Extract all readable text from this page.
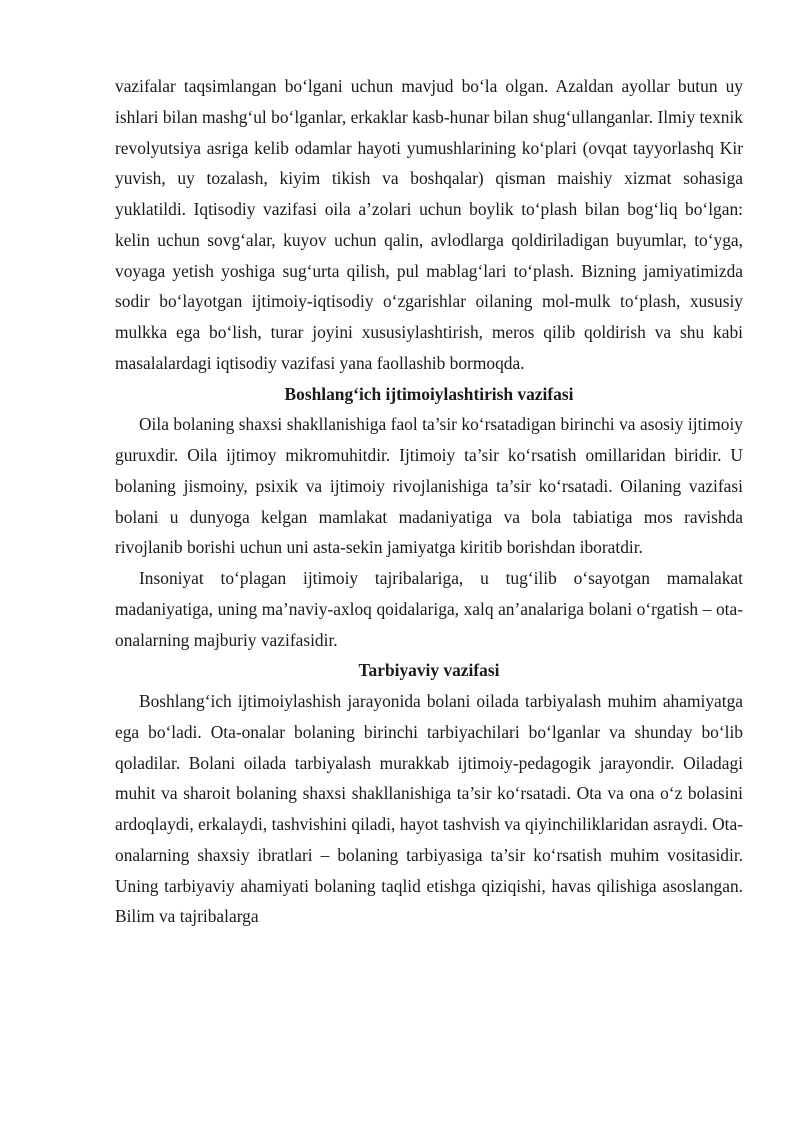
vazifalar taqsimlangan boʻlgani uchun mavjud boʻla olgan. Azaldan ayollar butun uy ishlari bilan mashgʻul boʻlganlar, erkaklar kasb-hunar bilan shugʻullanganlar. Ilmiy texnik revolyutsiya asriga kelib odamlar hayoti yumushlarining koʻplari (ovqat tayyorlashq Kir yuvish, uy tozalash, kiyim tikish va boshqalar) qisman maishiy xizmat sohasiga yuklatildi. Iqtisodiy vazifasi oila a’zolari uchun boylik toʻplash bilan bogʻliq boʻlgan: kelin uchun sovgʻalar, kuyov uchun qalin, avlodlarga qoldiriladigan buyumlar, toʻyga, voyaga yetish yoshiga sugʻurta qilish, pul mablagʻlari toʻplash. Bizning jamiyatimizda sodir boʻlayotgan ijtimoiy-iqtisodiy oʻzgarishlar oilaning mol-mulk toʻplash, xususiy mulkka ega boʻlish, turar joyini xususiylashtirish, meros qilib qoldirish va shu kabi masalalardagi iqtisodiy vazifasi yana faollashib bormoqda.

Boshlangʻich ijtimoiylashtirish vazifasi

Oila bolaning shaxsi shakllanishiga faol ta’sir koʻrsatadigan birinchi va asosiy ijtimoiy guruxdir. Oila ijtimoy mikromuhitdir. Ijtimoiy ta’sir koʻrsatish omillaridan biridir. U bolaning jismoiny, psixik va ijtimoiy rivojlanishiga ta’sir koʻrsatadi. Oilaning vazifasi bolani u dunyoga kelgan mamlakat madaniyatiga va bola tabiatiga mos ravishda rivojlanib borishi uchun uni asta-sekin jamiyatga kiritib borishdan iboratdir.

Insoniyat toʻplagan ijtimoiy tajribalariga, u tugʻilib oʻsayotgan mamalakat madaniyatiga, uning ma’naviy-axloq qoidalariga, xalq an’analariga bolani oʻrgatish – ota-onalarning majburiy vazifasidir.

Tarbiyaviy vazifasi

Boshlangʻich ijtimoiylashish jarayonida bolani oilada tarbiyalash muhim ahamiyatga ega boʻladi. Ota-onalar bolaning birinchi tarbiyachilari boʻlganlar va shunday boʻlib qoladilar. Bolani oilada tarbiyalash murakkab ijtimoiy-pedagogik jarayondir. Oiladagi muhit va sharoit bolaning shaxsi shakllanishiga ta’sir koʻrsatadi. Ota va ona oʻz bolasini ardoqlaydi, erkalaydi, tashvishini qiladi, hayot tashvish va qiyinchiliklaridan asraydi. Ota-onalarning shaxsiy ibratlari – bolaning tarbiyasiga ta’sir koʻrsatish muhim vositasidir. Uning tarbiyaviy ahamiyati bolaning taqlid etishga qiziqishi, havas qilishiga asoslangan. Bilim va tajribalarga
